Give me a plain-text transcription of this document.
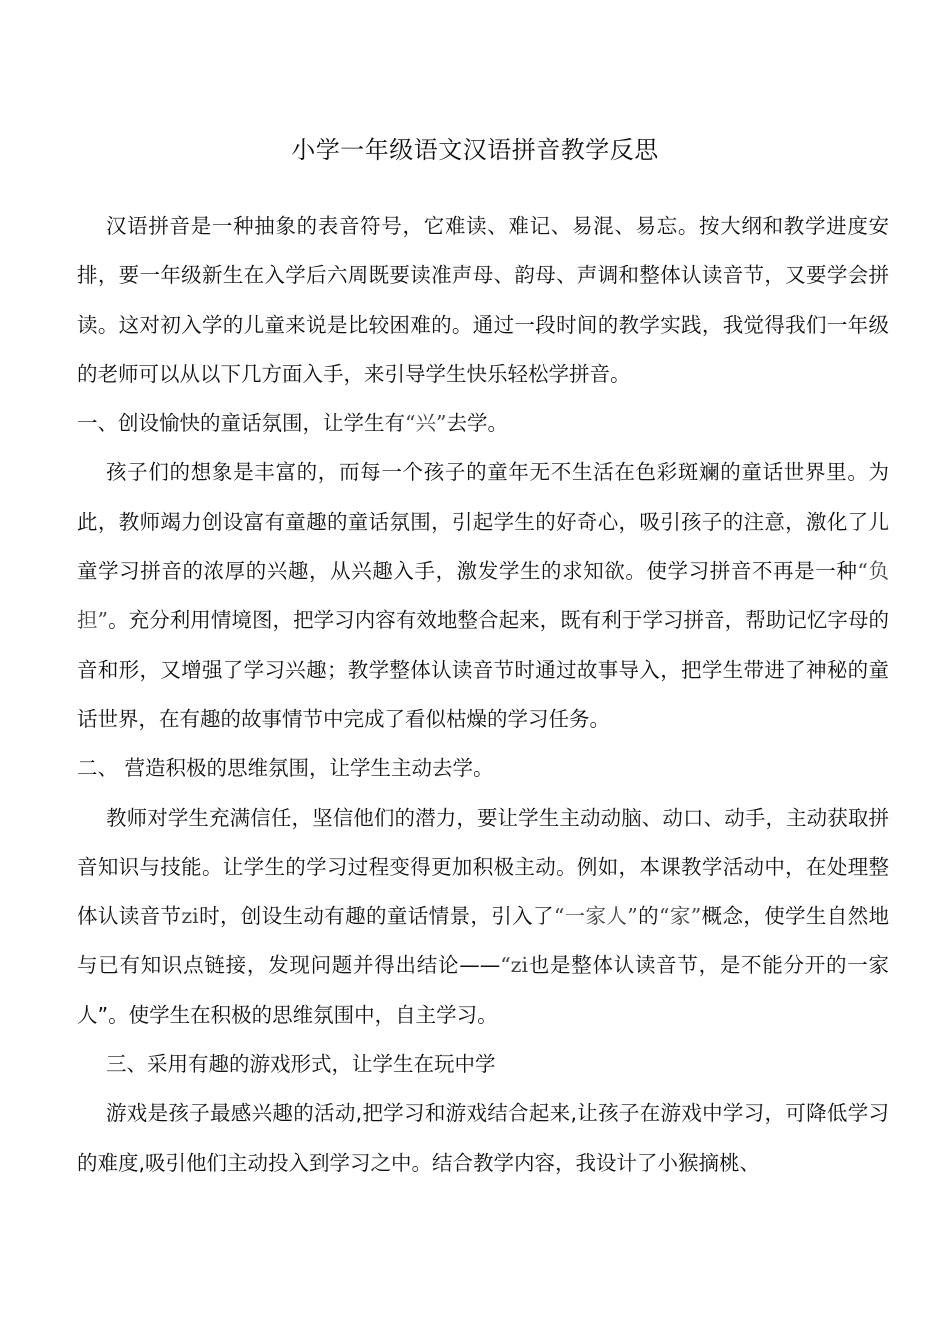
小学一年级语文汉语拼音教学反思

汉语拼音是一种抽象的表音符号，它难读、难记、易混、易忘。按大纲和教学进度安排，要一年级新生在入学后六周既要读准声母、韵母、声调和整体认读音节，又要学会拼读。这对初入学的儿童来说是比较困难的。通过一段时间的教学实践，我觉得我们一年级的老师可以从以下几方面入手，来引导学生快乐轻松学拼音。

一、创设愉快的童话氛围，让学生有“兴”去学。

孩子们的想象是丰富的，而每一个孩子的童年无不生活在色彩斑斓的童话世界里。为此，教师竭力创设富有童趣的童话氛围，引起学生的好奇心，吸引孩子的注意，激化了儿童学习拼音的浓厚的兴趣，从兴趣入手，激发学生的求知欲。使学习拼音不再是一种“负担”。充分利用情境图，把学习内容有效地整合起来，既有利于学习拼音，帮助记忆字母的音和形，又增强了学习兴趣；教学整体认读音节时通过故事导入，把学生带进了神秘的童话世界，在有趣的故事情节中完成了看似枯燥的学习任务。

二、 营造积极的思维氛围，让学生主动去学。

教师对学生充满信任，坚信他们的潜力，要让学生主动动脑、动口、动手，主动获取拼音知识与技能。让学生的学习过程变得更加积极主动。例如，本课教学活动中，在处理整体认读音节zi时，创设生动有趣的童话情景，引入了“一家人”的“家”概念，使学生自然地与已有知识点链接，发现问题并得出结论——“zi也是整体认读音节，是不能分开的一家人”。使学生在积极的思维氛围中，自主学习。

三、采用有趣的游戏形式，让学生在玩中学

游戏是孩子最感兴趣的活动,把学习和游戏结合起来,让孩子在游戏中学习，可降低学习的难度,吸引他们主动投入到学习之中。结合教学内容，我设计了小猴摘桃、
